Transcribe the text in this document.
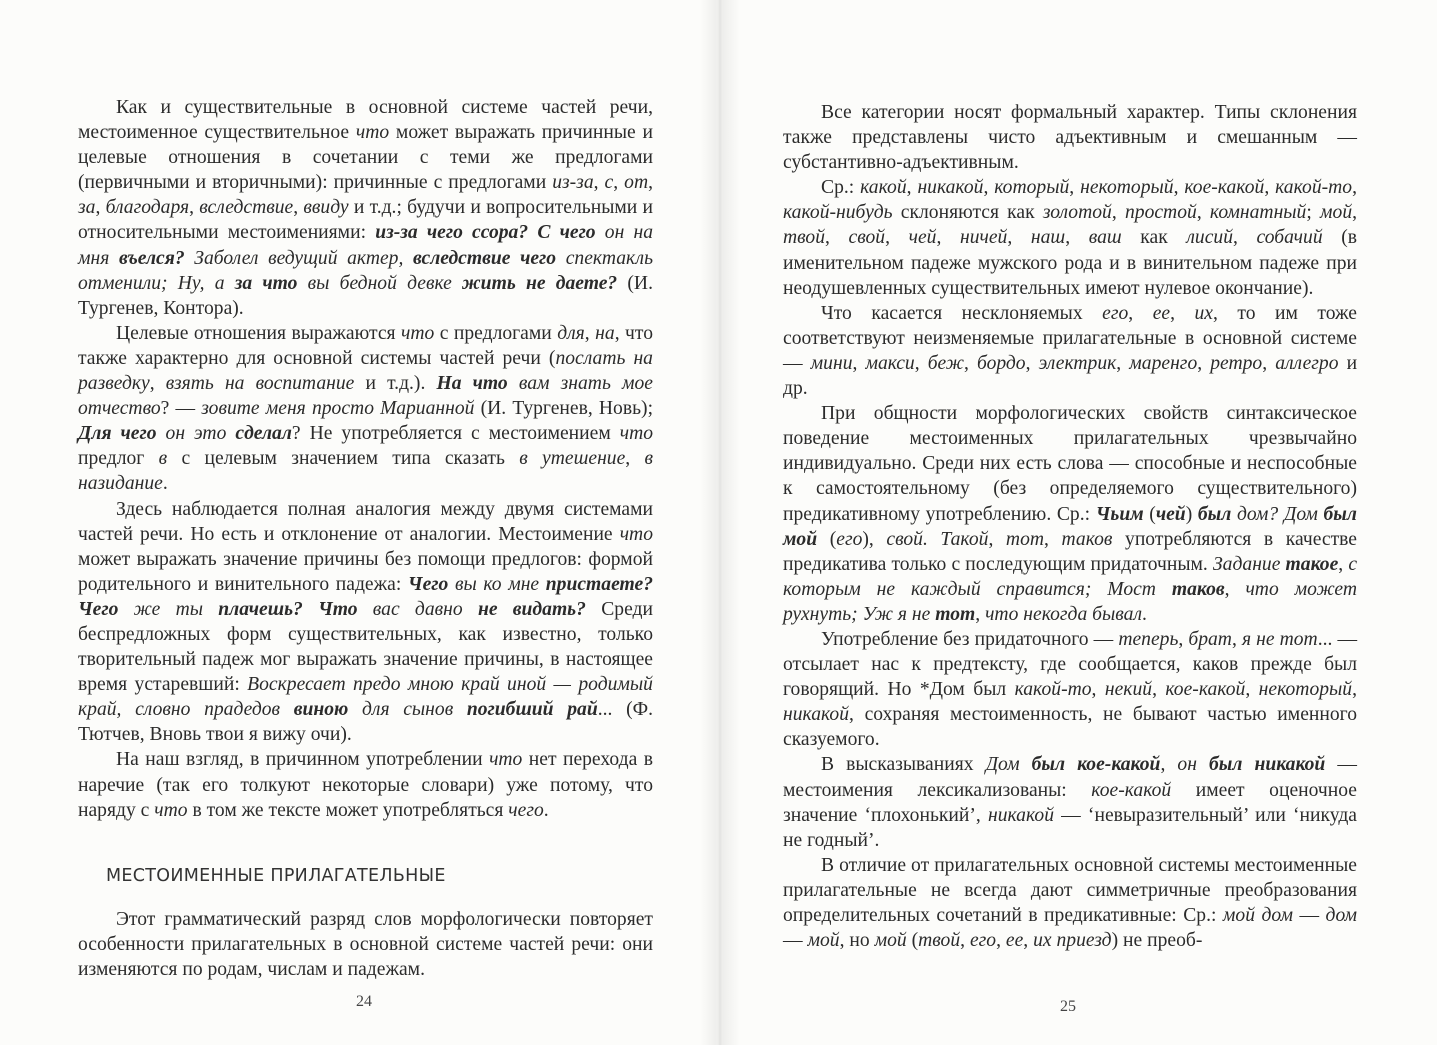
Как и существительные в основной системе частей речи, местоименное существительное что может выражать причинные и целевые отношения в сочетании с теми же предлогами (первичными и вторичными): причинные с предлогами из-за, с, от, за, благодаря, вследствие, ввиду и т.д.; будучи и вопросительными и относительными местоимениями: из-за чего ссора? С чего он на мня въелся? Заболел ведущий актер, вследствие чего спектакль отменили; Ну, а за что вы бедной девке жить не даете? (И. Тургенев, Контора).

Целевые отношения выражаются что с предлогами для, на, что также характерно для основной системы частей речи (послать на разведку, взять на воспитание и т.д.). На что вам знать мое отчество? — зовите меня просто Марианной (И. Тургенев, Новь); Для чего он это сделал? Не употребляется с местоимением что предлог в с целевым значением типа сказать в утешение, в назидание.

Здесь наблюдается полная аналогия между двумя системами частей речи. Но есть и отклонение от аналогии. Местоимение что может выражать значение причины без помощи предлогов: формой родительного и винительного падежа: Чего вы ко мне пристаете? Чего же ты плачешь? Что вас давно не видать? Среди беспредложных форм существительных, как известно, только творительный падеж мог выражать значение причины, в настоящее время устаревший: Воскресает предо мною край иной — родимый край, словно прадедов виною для сынов погибший рай... (Ф. Тютчев, Вновь твои я вижу очи).

На наш взгляд, в причинном употреблении что нет перехода в наречие (так его толкуют некоторые словари) уже потому, что наряду с что в том же тексте может употребляться чего.

МЕСТОИМЕННЫЕ ПРИЛАГАТЕЛЬНЫЕ

Этот грамматический разряд слов морфологически повторяет особенности прилагательных в основной системе частей речи: они изменяются по родам, числам и падежам.

24

Все категории носят формальный характер. Типы склонения также представлены чисто адъективным и смешанным — субстантивно-адъективным.

Ср.: какой, никакой, который, некоторый, кое-какой, какой-то, какой-нибудь склоняются как золотой, простой, комнатный; мой, твой, свой, чей, ничей, наш, ваш как лисий, собачий (в именительном падеже мужского рода и в винительном падеже при неодушевленных существительных имеют нулевое окончание).

Что касается несклоняемых его, ее, их, то им тоже соответствуют неизменяемые прилагательные в основной системе — мини, макси, беж, бордо, электрик, маренго, ретро, аллегро и др.

При общности морфологических свойств синтаксическое поведение местоименных прилагательных чрезвычайно индивидуально. Среди них есть слова — способные и неспособные к самостоятельному (без определяемого существительного) предикативному употреблению. Ср.: Чьим (чей) был дом? Дом был мой (его), свой. Такой, тот, таков употребляются в качестве предикатива только с последующим придаточным. Задание такое, с которым не каждый справится; Мост таков, что может рухнуть; Уж я не тот, что некогда бывал.

Употребление без придаточного — теперь, брат, я не тот... — отсылает нас к предтексту, где сообщается, каков прежде был говорящий. Но *Дом был какой-то, некий, кое-какой, некоторый, никакой, сохраняя местоименность, не бывают частью именного сказуемого.

В высказываниях Дом был кое-какой, он был никакой — местоимения лексикализованы: кое-какой имеет оценочное значение ‘плохонький’, никакой — ‘невыразительный’ или ‘никуда не годный’.

В отличие от прилагательных основной системы местоименные прилагательные не всегда дают симметричные преобразования определительных сочетаний в предикативные: Ср.: мой дом — дом — мой, но мой (твой, его, ее, их приезд) не преоб-

25
